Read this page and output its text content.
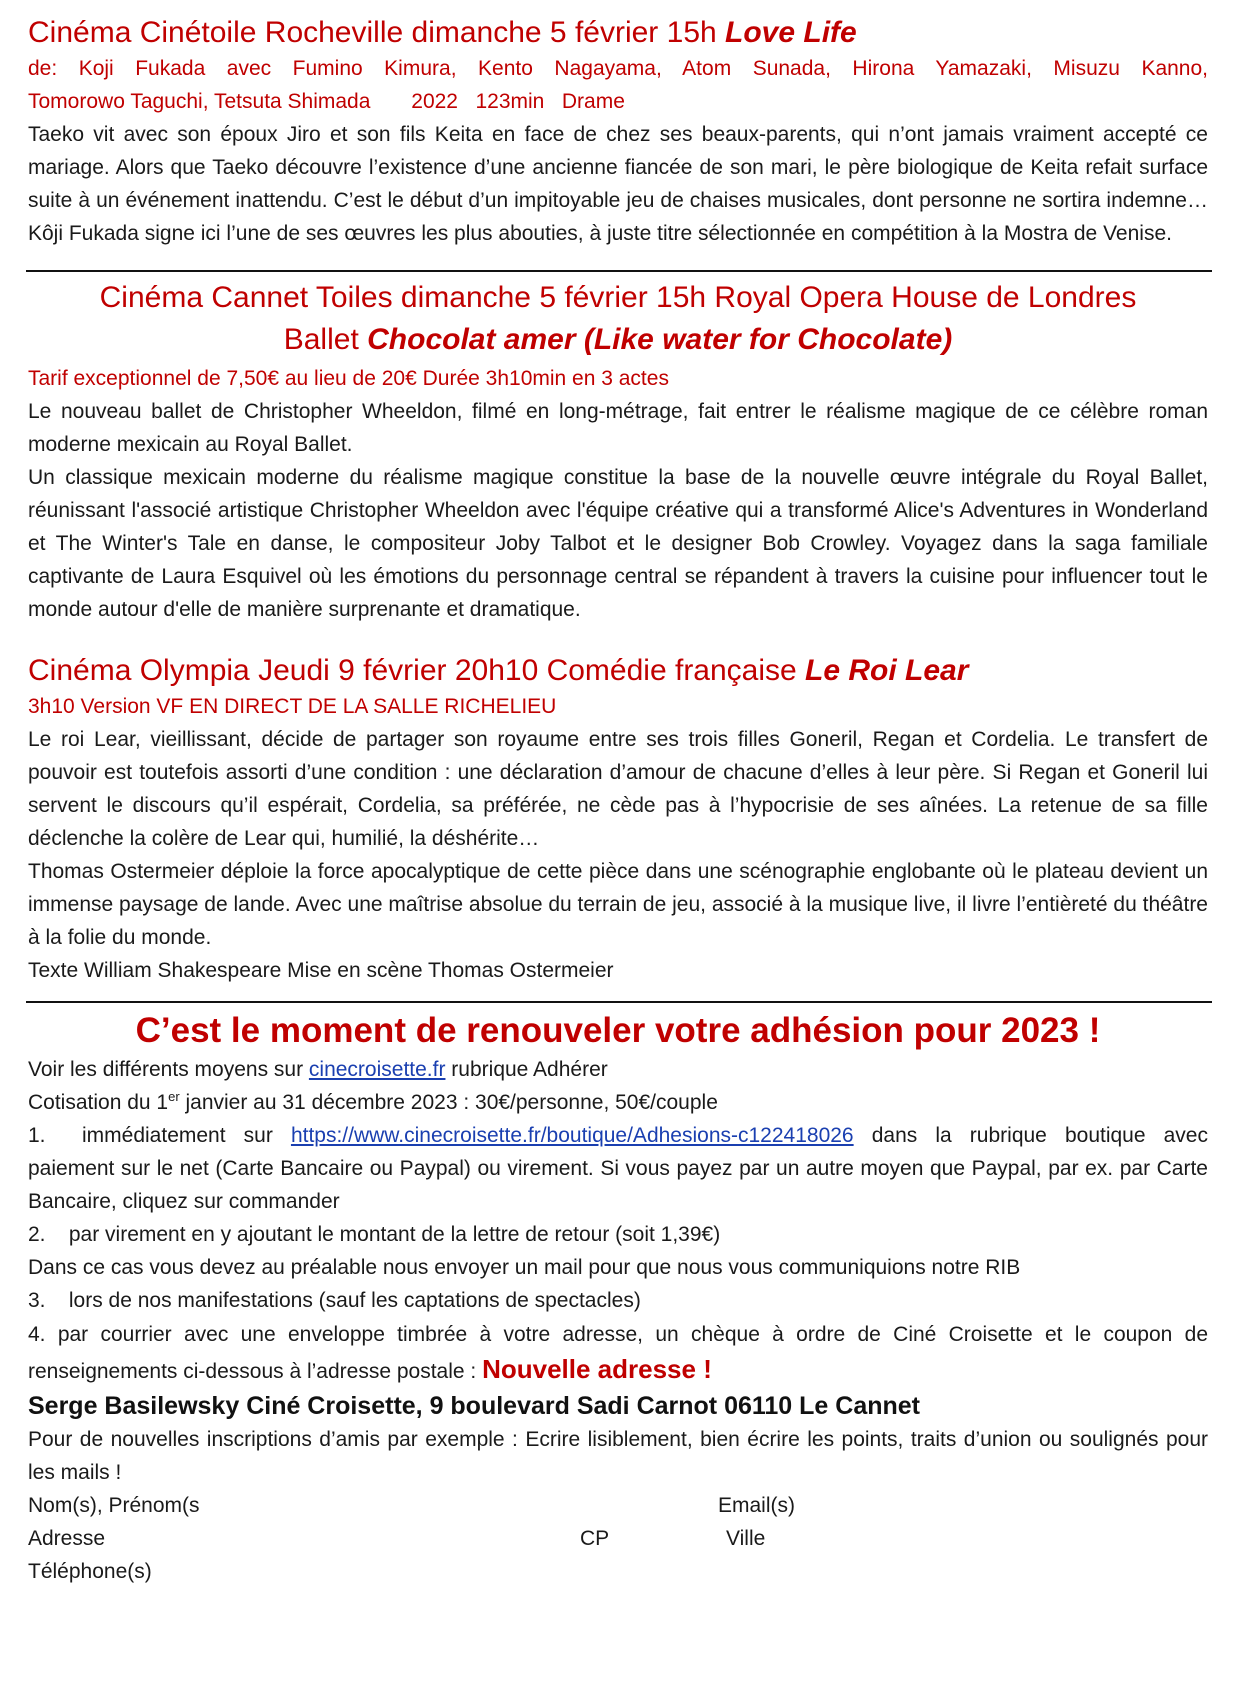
Cinéma Cinétoile Rocheville dimanche 5 février 15h Love Life
de: Koji Fukada avec Fumino Kimura, Kento Nagayama, Atom Sunada, Hirona Yamazaki, Misuzu Kanno,
Tomorowo Taguchi, Tetsuta Shimada       2022   123min   Drame

Taeko vit avec son époux Jiro et son fils Keita en face de chez ses beaux-parents, qui n’ont jamais vraiment accepté ce mariage. Alors que Taeko découvre l’existence d’une ancienne fiancée de son mari, le père biologique de Keita refait surface suite à un événement inattendu. C’est le début d’un impitoyable jeu de chaises musicales, dont personne ne sortira indemne… Kôji Fukada signe ici l’une de ses œuvres les plus abouties, à juste titre sélectionnée en compétition à la Mostra de Venise.

Cinéma Cannet Toiles dimanche 5 février 15h Royal Opera House de Londres
Ballet Chocolat amer (Like water for Chocolate)
Tarif exceptionnel de 7,50€ au lieu de 20€ Durée 3h10min en 3 actes

Le nouveau ballet de Christopher Wheeldon, filmé en long-métrage, fait entrer le réalisme magique de ce célèbre roman moderne mexicain au Royal Ballet.

Un classique mexicain moderne du réalisme magique constitue la base de la nouvelle œuvre intégrale du Royal Ballet, réunissant l'associé artistique Christopher Wheeldon avec l'équipe créative qui a transformé Alice's Adventures in Wonderland et The Winter's Tale en danse, le compositeur Joby Talbot et le designer Bob Crowley. Voyagez dans la saga familiale captivante de Laura Esquivel où les émotions du personnage central se répandent à travers la cuisine pour influencer tout le monde autour d'elle de manière surprenante et dramatique.

Cinéma Olympia Jeudi 9 février 20h10 Comédie française Le Roi Lear
3h10 Version VF EN DIRECT DE LA SALLE RICHELIEU

Le roi Lear, vieillissant, décide de partager son royaume entre ses trois filles Goneril, Regan et Cordelia. Le transfert de pouvoir est toutefois assorti d’une condition : une déclaration d’amour de chacune d’elles à leur père. Si Regan et Goneril lui servent le discours qu’il espérait, Cordelia, sa préférée, ne cède pas à l’hypocrisie de ses aînées. La retenue de sa fille déclenche la colère de Lear qui, humilié, la déshérite…

Thomas Ostermeier déploie la force apocalyptique de cette pièce dans une scénographie englobante où le plateau devient un immense paysage de lande. Avec une maîtrise absolue du terrain de jeu, associé à la musique live, il livre l’entièreté du théâtre à la folie du monde.

Texte William Shakespeare Mise en scène Thomas Ostermeier

C’est le moment de renouveler votre adhésion pour 2023 !
Voir les différents moyens sur cinecroisette.fr rubrique Adhérer
Cotisation du 1er janvier au 31 décembre 2023 : 30€/personne, 50€/couple

1. immédiatement sur https://www.cinecroisette.fr/boutique/Adhesions-c122418026 dans la rubrique boutique avec paiement sur le net (Carte Bancaire ou Paypal) ou virement. Si vous payez par un autre moyen que Paypal, par ex. par Carte Bancaire, cliquez sur commander

2.    par virement en y ajoutant le montant de la lettre de retour (soit 1,39€)
Dans ce cas vous devez au préalable nous envoyer un mail pour que nous vous communiquions notre RIB
3.    lors de nos manifestations (sauf les captations de spectacles)

4. par courrier avec une enveloppe timbrée à votre adresse, un chèque à ordre de Ciné Croisette et le coupon de renseignements ci-dessous à l’adresse postale : Nouvelle adresse !

Serge Basilewsky Ciné Croisette, 9 boulevard Sadi Carnot 06110 Le Cannet

Pour de nouvelles inscriptions d’amis par exemple : Ecrire lisiblement, bien écrire les points, traits d’union ou soulignés pour les mails !

Nom(s), Prénom(s	Email(s)
Adresse	CP	Ville
Téléphone(s)
